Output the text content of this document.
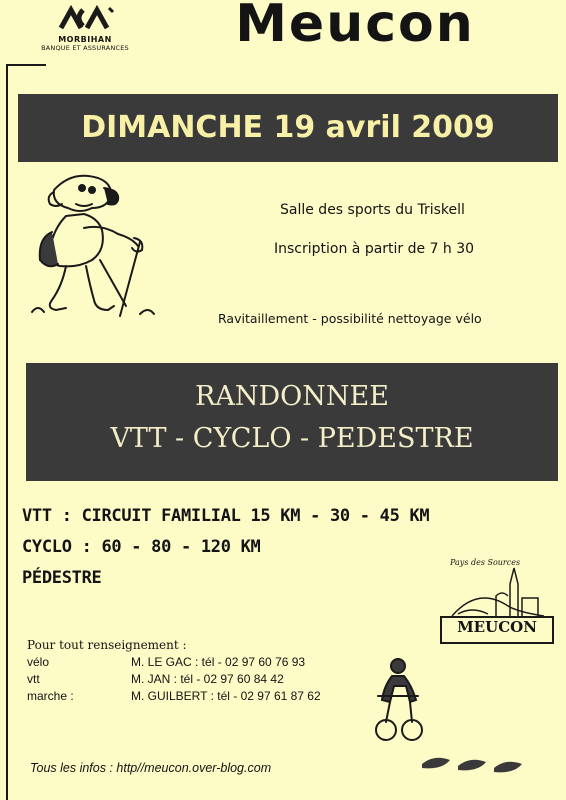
MORBIHAN
BANQUE ET ASSURANCES	Meucon
DIMANCHE 19 avril 2009
Salle des sports du Triskell
Inscription à partir de 7 h 30
Ravitaillement - possibilité nettoyage vélo
RANDONNEE
VTT - CYCLO - PEDESTRE
VTT : CIRCUIT FAMILIAL 15 KM - 30 - 45 KM
CYCLO : 60 - 80 - 120 KM
PÉDESTRE
Pays des Sources
MEUCON
Pour tout renseignement :
vélo	M. LE GAC : tél - 02 97 60 76 93
vtt	M. JAN : tél - 02 97 60 84 42
marche :	M. GUILBERT : tél - 02 97 61 87 62
Tous les infos : http//meucon.over-blog.com
